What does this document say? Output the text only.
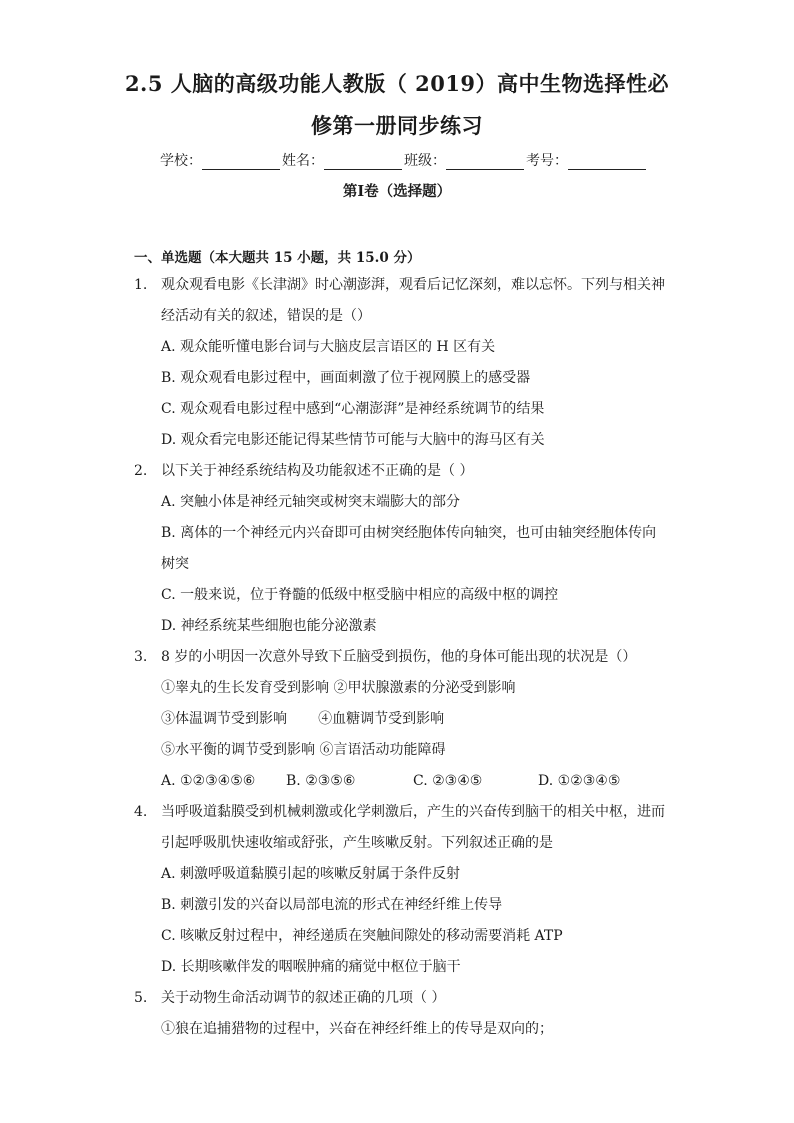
2.5 人脑的高级功能人教版（ 2019）高中生物选择性必
修第一册同步练习
学校：	姓名：	班级：	考号：
第I卷（选择题）
一、单选题（本大题共 15 小题，共 15.0 分）
1. 观众观看电影《长津湖》时心潮澎湃，观看后记忆深刻，难以忘怀。下列与相关神
经活动有关的叙述，错误的是（）
A. 观众能听懂电影台词与大脑皮层言语区的 H 区有关
B. 观众观看电影过程中，画面刺激了位于视网膜上的感受器
C. 观众观看电影过程中感到“心潮澎湃”是神经系统调节的结果
D. 观众看完电影还能记得某些情节可能与大脑中的海马区有关
2. 以下关于神经系统结构及功能叙述不正确的是（ ）
A. 突触小体是神经元轴突或树突末端膨大的部分
B. 离体的一个神经元内兴奋即可由树突经胞体传向轴突，也可由轴突经胞体传向
树突
C. 一般来说，位于脊髓的低级中枢受脑中相应的高级中枢的调控
D. 神经系统某些细胞也能分泌激素
3. 8 岁的小明因一次意外导致下丘脑受到损伤，他的身体可能出现的状况是（）
①睾丸的生长发育受到影响 ②甲状腺激素的分泌受到影响
③体温调节受到影响       ④血糖调节受到影响
⑤水平衡的调节受到影响 ⑥言语活动功能障碍
A. ①②③④⑤⑥ B. ②③⑤⑥	C. ②③④⑤	D. ①②③④⑤
4. 当呼吸道黏膜受到机械刺激或化学刺激后，产生的兴奋传到脑干的相关中枢，进而
引起呼吸肌快速收缩或舒张，产生咳嗽反射。下列叙述正确的是
A. 刺激呼吸道黏膜引起的咳嗽反射属于条件反射
B. 刺激引发的兴奋以局部电流的形式在神经纤维上传导
C. 咳嗽反射过程中，神经递质在突触间隙处的移动需要消耗 ATP
D. 长期咳嗽伴发的咽喉肿痛的痛觉中枢位于脑干
5. 关于动物生命活动调节的叙述正确的几项（ ）
①狼在追捕猎物的过程中，兴奋在神经纤维上的传导是双向的；
